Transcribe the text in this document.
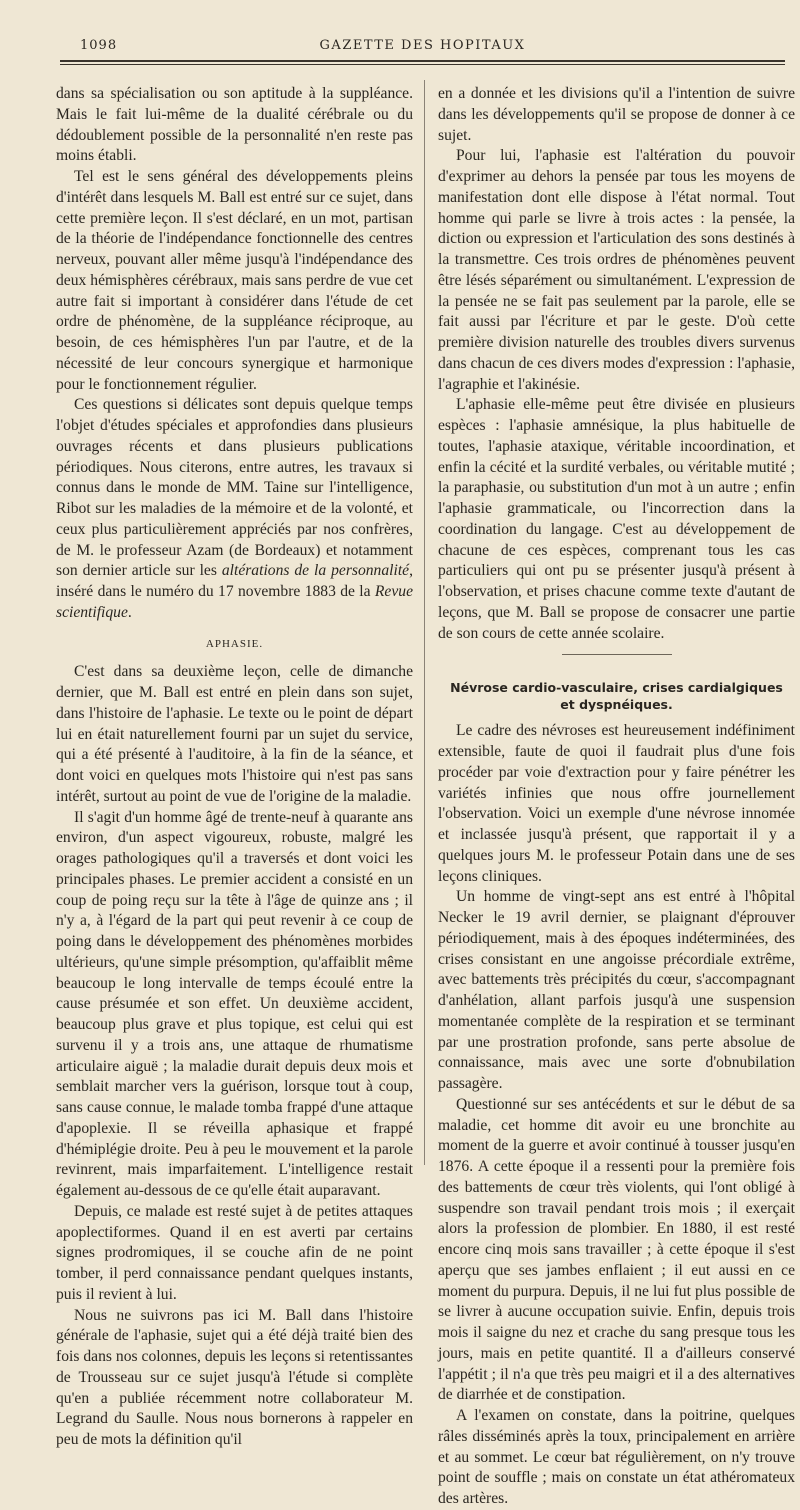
1098	GAZETTE DES HOPITAUX

dans sa spécialisation ou son aptitude à la suppléance. Mais le fait lui-même de la dualité cérébrale ou du dédoublement possible de la personnalité n'en reste pas moins établi.

Tel est le sens général des développements pleins d'intérêt dans lesquels M. Ball est entré sur ce sujet, dans cette première leçon. Il s'est déclaré, en un mot, partisan de la théorie de l'indépendance fonctionnelle des centres nerveux, pouvant aller même jusqu'à l'indépendance des deux hémisphères cérébraux, mais sans perdre de vue cet autre fait si important à considérer dans l'étude de cet ordre de phénomène, de la suppléance réciproque, au besoin, de ces hémisphères l'un par l'autre, et de la nécessité de leur concours synergique et harmonique pour le fonctionnement régulier.

Ces questions si délicates sont depuis quelque temps l'objet d'études spéciales et approfondies dans plusieurs ouvrages récents et dans plusieurs publications périodiques. Nous citerons, entre autres, les travaux si connus dans le monde de MM. Taine sur l'intelligence, Ribot sur les maladies de la mémoire et de la volonté, et ceux plus particulièrement appréciés par nos confrères, de M. le professeur Azam (de Bordeaux) et notamment son dernier article sur les altérations de la personnalité, inséré dans le numéro du 17 novembre 1883 de la Revue scientifique.

APHASIE.

C'est dans sa deuxième leçon, celle de dimanche dernier, que M. Ball est entré en plein dans son sujet, dans l'histoire de l'aphasie. Le texte ou le point de départ lui en était naturellement fourni par un sujet du service, qui a été présenté à l'auditoire, à la fin de la séance, et dont voici en quelques mots l'histoire qui n'est pas sans intérêt, surtout au point de vue de l'origine de la maladie.

Il s'agit d'un homme âgé de trente-neuf à quarante ans environ, d'un aspect vigoureux, robuste, malgré les orages pathologiques qu'il a traversés et dont voici les principales phases. Le premier accident a consisté en un coup de poing reçu sur la tête à l'âge de quinze ans ; il n'y a, à l'égard de la part qui peut revenir à ce coup de poing dans le développement des phénomènes morbides ultérieurs, qu'une simple présomption, qu'affaiblit même beaucoup le long intervalle de temps écoulé entre la cause présumée et son effet. Un deuxième accident, beaucoup plus grave et plus topique, est celui qui est survenu il y a trois ans, une attaque de rhumatisme articulaire aiguë ; la maladie durait depuis deux mois et semblait marcher vers la guérison, lorsque tout à coup, sans cause connue, le malade tomba frappé d'une attaque d'apoplexie. Il se réveilla aphasique et frappé d'hémiplégie droite. Peu à peu le mouvement et la parole revinrent, mais imparfaitement. L'intelligence restait également au-dessous de ce qu'elle était auparavant.

Depuis, ce malade est resté sujet à de petites attaques apoplectiformes. Quand il en est averti par certains signes prodromiques, il se couche afin de ne point tomber, il perd connaissance pendant quelques instants, puis il revient à lui.

Nous ne suivrons pas ici M. Ball dans l'histoire générale de l'aphasie, sujet qui a été déjà traité bien des fois dans nos colonnes, depuis les leçons si retentissantes de Trousseau sur ce sujet jusqu'à l'étude si complète qu'en a publiée récemment notre collaborateur M. Legrand du Saulle. Nous nous bornerons à rappeler en peu de mots la définition qu'il

en a donnée et les divisions qu'il a l'intention de suivre dans les développements qu'il se propose de donner à ce sujet.

Pour lui, l'aphasie est l'altération du pouvoir d'exprimer au dehors la pensée par tous les moyens de manifestation dont elle dispose à l'état normal. Tout homme qui parle se livre à trois actes : la pensée, la diction ou expression et l'articulation des sons destinés à la transmettre. Ces trois ordres de phénomènes peuvent être lésés séparément ou simultanément. L'expression de la pensée ne se fait pas seulement par la parole, elle se fait aussi par l'écriture et par le geste. D'où cette première division naturelle des troubles divers survenus dans chacun de ces divers modes d'expression : l'aphasie, l'agraphie et l'akinésie.

L'aphasie elle-même peut être divisée en plusieurs espèces : l'aphasie amnésique, la plus habituelle de toutes, l'aphasie ataxique, véritable incoordination, et enfin la cécité et la surdité verbales, ou véritable mutité ; la paraphasie, ou substitution d'un mot à un autre ; enfin l'aphasie grammaticale, ou l'incorrection dans la coordination du langage. C'est au développement de chacune de ces espèces, comprenant tous les cas particuliers qui ont pu se présenter jusqu'à présent à l'observation, et prises chacune comme texte d'autant de leçons, que M. Ball se propose de consacrer une partie de son cours de cette année scolaire.

Névrose cardio-vasculaire, crises cardialgiques
et dyspnéiques.

Le cadre des névroses est heureusement indéfiniment extensible, faute de quoi il faudrait plus d'une fois procéder par voie d'extraction pour y faire pénétrer les variétés infinies que nous offre journellement l'observation. Voici un exemple d'une névrose innomée et inclassée jusqu'à présent, que rapportait il y a quelques jours M. le professeur Potain dans une de ses leçons cliniques.

Un homme de vingt-sept ans est entré à l'hôpital Necker le 19 avril dernier, se plaignant d'éprouver périodiquement, mais à des époques indéterminées, des crises consistant en une angoisse précordiale extrême, avec battements très précipités du cœur, s'accompagnant d'anhélation, allant parfois jusqu'à une suspension momentanée complète de la respiration et se terminant par une prostration profonde, sans perte absolue de connaissance, mais avec une sorte d'obnubilation passagère.

Questionné sur ses antécédents et sur le début de sa maladie, cet homme dit avoir eu une bronchite au moment de la guerre et avoir continué à tousser jusqu'en 1876. A cette époque il a ressenti pour la première fois des battements de cœur très violents, qui l'ont obligé à suspendre son travail pendant trois mois ; il exerçait alors la profession de plombier. En 1880, il est resté encore cinq mois sans travailler ; à cette époque il s'est aperçu que ses jambes enflaient ; il eut aussi en ce moment du purpura. Depuis, il ne lui fut plus possible de se livrer à aucune occupation suivie. Enfin, depuis trois mois il saigne du nez et crache du sang presque tous les jours, mais en petite quantité. Il a d'ailleurs conservé l'appétit ; il n'a que très peu maigri et il a des alternatives de diarrhée et de constipation.

A l'examen on constate, dans la poitrine, quelques râles disséminés après la toux, principalement en arrière et au sommet. Le cœur bat régulièrement, on n'y trouve point de souffle ; mais on constate un état athéromateux des artères.
